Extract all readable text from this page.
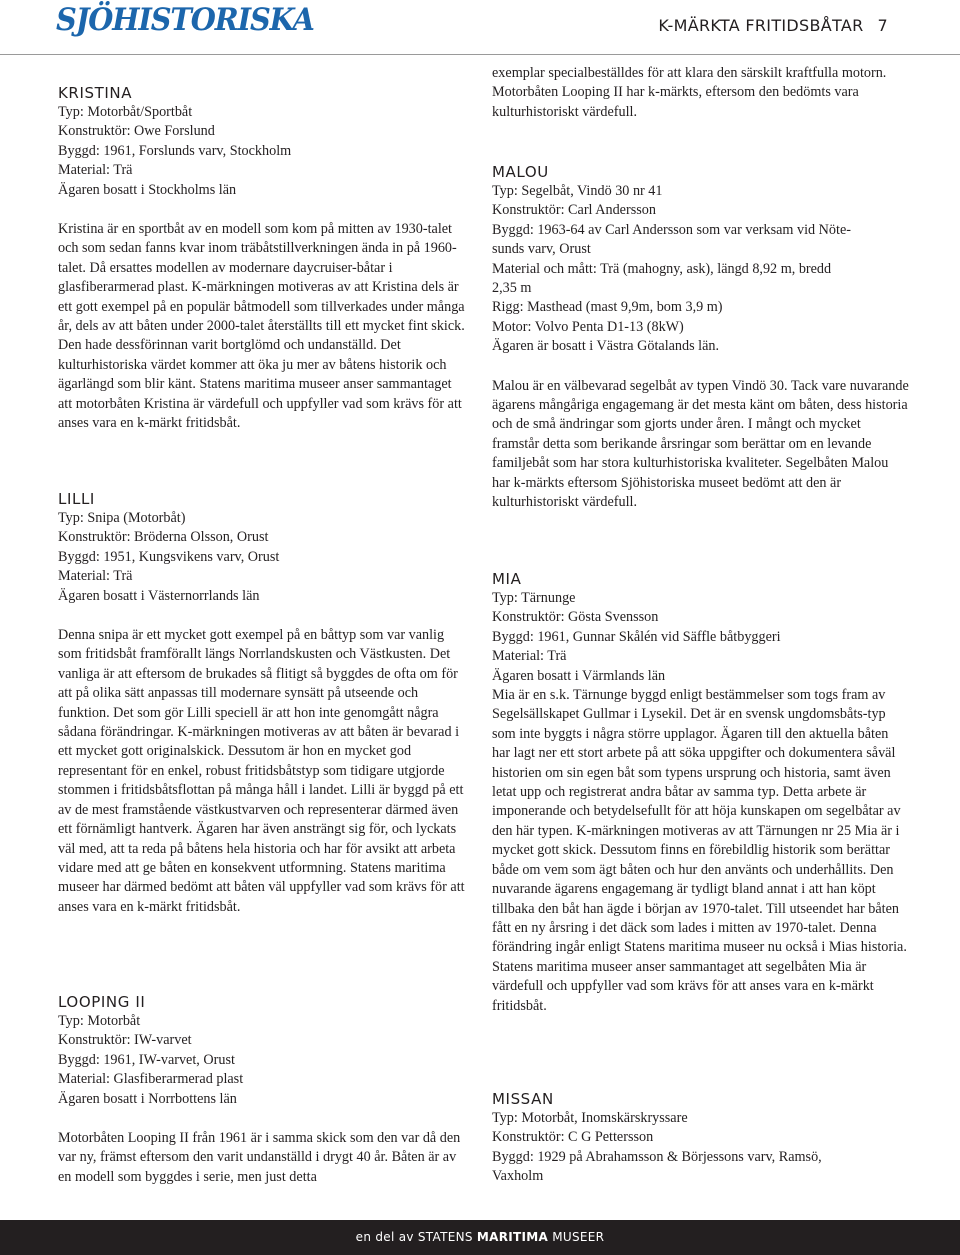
SJÖHISTORISKA	K-MÄRKTA FRITIDSBÅTAR 7
KRISTINA
Typ: Motorbåt/Sportbåt
Konstruktör: Owe Forslund
Byggd: 1961, Forslunds varv, Stockholm
Material: Trä
Ägaren bosatt i Stockholms län
Kristina är en sportbåt av en modell som kom på mitten av 1930-talet och som sedan fanns kvar inom träbåtstillverkningen ända in på 1960-talet. Då ersattes modellen av modernare daycruiser-båtar i glasfiberarmerad plast. K-märkningen motiveras av att Kristina dels är ett gott exempel på en populär båtmodell som tillverkades under många år, dels av att båten under 2000-talet återställts till ett mycket fint skick. Den hade dessförinnan varit bortglömd och undanställd. Det kulturhistoriska värdet kommer att öka ju mer av båtens historik och ägarlängd som blir känt. Statens maritima museer anser sammantaget att motorbåten Kristina är värdefull och uppfyller vad som krävs för att anses vara en k-märkt fritidsbåt.
LILLI
Typ: Snipa (Motorbåt)
Konstruktör: Bröderna Olsson, Orust
Byggd: 1951, Kungsvikens varv, Orust
Material: Trä
Ägaren bosatt i Västernorrlands län
Denna snipa är ett mycket gott exempel på en båttyp som var vanlig som fritidsbåt framförallt längs Norrlandskusten och Västkusten. Det vanliga är att eftersom de brukades så flitigt så byggdes de ofta om för att på olika sätt anpassas till modernare synsätt på utseende och funktion. Det som gör Lilli speciell är att hon inte genomgått några sådana förändringar. K-märkningen motiveras av att båten är bevarad i ett mycket gott originalskick. Dessutom är hon en mycket god representant för en enkel, robust fritidsbåtstyp som tidigare utgjorde stommen i fritidsbåtsflottan på många håll i landet. Lilli är byggd på ett av de mest framstående västkustvarven och representerar därmed även ett förnämligt hantverk. Ägaren har även ansträngt sig för, och lyckats väl med, att ta reda på båtens hela historia och har för avsikt att arbeta vidare med att ge båten en konsekvent utformning. Statens maritima museer har därmed bedömt att båten väl uppfyller vad som krävs för att anses vara en k-märkt fritidsbåt.
LOOPING II
Typ: Motorbåt
Konstruktör: IW-varvet
Byggd: 1961, IW-varvet, Orust
Material: Glasfiberarmerad plast
Ägaren bosatt i Norrbottens län
Motorbåten Looping II från 1961 är i samma skick som den var då den var ny, främst eftersom den varit undanställd i drygt 40 år. Båten är av en modell som byggdes i serie, men just detta
exemplar specialbeställdes för att klara den särskilt kraftfulla motorn. Motorbåten Looping II har k-märkts, eftersom den bedömts vara kulturhistoriskt värdefull.
MALOU
Typ: Segelbåt, Vindö 30 nr 41
Konstruktör: Carl Andersson
Byggd: 1963-64 av Carl Andersson som var verksam vid Nöte-
sunds varv, Orust
Material och mått: Trä (mahogny, ask), längd 8,92 m, bredd
2,35 m
Rigg: Masthead (mast 9,9m, bom 3,9 m)
Motor: Volvo Penta D1-13 (8kW)
Ägaren är bosatt i Västra Götalands län.
Malou är en välbevarad segelbåt av typen Vindö 30. Tack vare nuvarande ägarens mångåriga engagemang är det mesta känt om båten, dess historia och de små ändringar som gjorts under åren. I mångt och mycket framstår detta som berikande årsringar som berättar om en levande familjebåt som har stora kulturhistoriska kvaliteter. Segelbåten Malou har k-märkts eftersom Sjöhistoriska museet bedömt att den är kulturhistoriskt värdefull.
MIA
Typ: Tärnunge
Konstruktör: Gösta Svensson
Byggd: 1961, Gunnar Skålén vid Säffle båtbyggeri
Material: Trä
Ägaren bosatt i Värmlands län
Mia är en s.k. Tärnunge byggd enligt bestämmelser som togs fram av Segelsällskapet Gullmar i Lysekil. Det är en svensk ungdomsbåts-typ som inte byggts i några större upplagor. Ägaren till den aktuella båten har lagt ner ett stort arbete på att söka uppgifter och dokumentera såväl historien om sin egen båt som typens ursprung och historia, samt även letat upp och registrerat andra båtar av samma typ. Detta arbete är imponerande och betydelsefullt för att höja kunskapen om segelbåtar av den här typen. K-märkningen motiveras av att Tärnungen nr 25 Mia är i mycket gott skick. Dessutom finns en förebildlig historik som berättar både om vem som ägt båten och hur den använts och underhållits. Den nuvarande ägarens engagemang är tydligt bland annat i att han köpt tillbaka den båt han ägde i början av 1970-talet. Till utseendet har båten fått en ny årsring i det däck som lades i mitten av 1970-talet. Denna förändring ingår enligt Statens maritima museer nu också i Mias historia. Statens maritima museer anser sammantaget att segelbåten Mia är värdefull och uppfyller vad som krävs för att anses vara en k-märkt fritidsbåt.
MISSAN
Typ: Motorbåt, Inomskärskryssare
Konstruktör: C G Pettersson
Byggd: 1929 på Abrahamsson & Börjessons varv, Ramsö,
Vaxholm
en del av STATENS MARITIMA MUSEER
